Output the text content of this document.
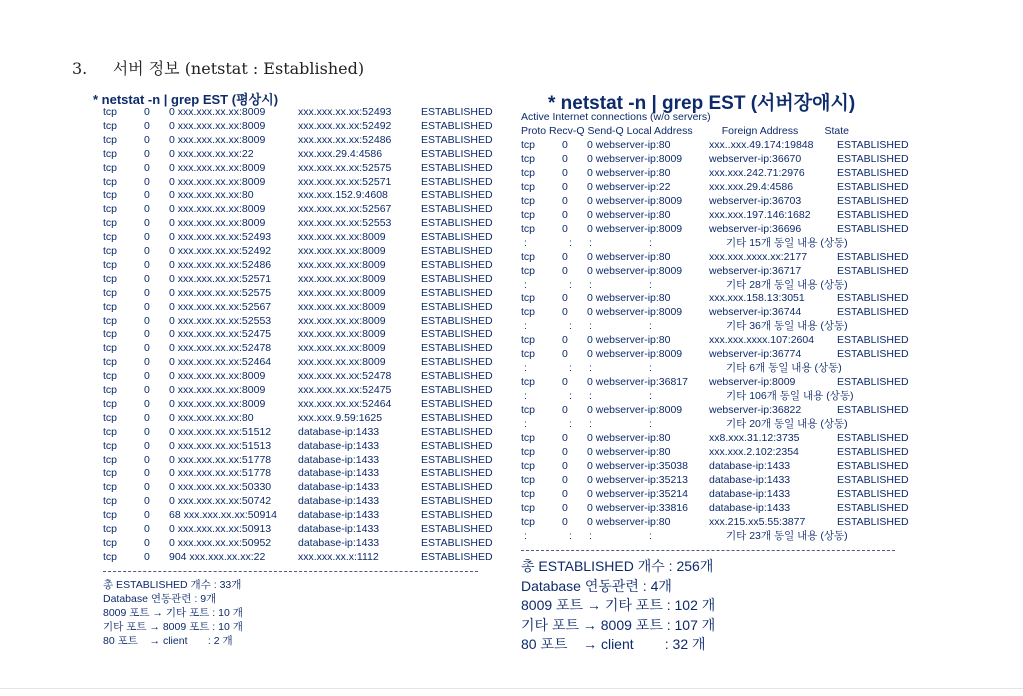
3.     서버 정보 (netstat : Established)
* netstat -n | grep EST (평상시)
tcp	0 0 xxx.xxx.xx.xx:8009	xxx.xxx.xx.xx:52493	ESTABLISHED
tcp	0 0 xxx.xxx.xx.xx:8009	xxx.xxx.xx.xx:52492	ESTABLISHED
tcp	0 0 xxx.xxx.xx.xx:8009	xxx.xxx.xx.xx:52486	ESTABLISHED
tcp	0 0 xxx.xxx.xx.xx:22	xxx.xxx.29.4:4586	ESTABLISHED
tcp	0 0 xxx.xxx.xx.xx:8009	xxx.xxx.xx.xx:52575	ESTABLISHED
tcp	0 0 xxx.xxx.xx.xx:8009	xxx.xxx.xx.xx:52571	ESTABLISHED
tcp	0 0 xxx.xxx.xx.xx:80	xxx.xxx.152.9:4608	ESTABLISHED
tcp	0 0 xxx.xxx.xx.xx:8009	xxx.xxx.xx.xx:52567	ESTABLISHED
tcp	0 0 xxx.xxx.xx.xx:8009	xxx.xxx.xx.xx:52553	ESTABLISHED
tcp	0 0 xxx.xxx.xx.xx:52493	xxx.xxx.xx.xx:8009	ESTABLISHED
tcp	0 0 xxx.xxx.xx.xx:52492	xxx.xxx.xx.xx:8009	ESTABLISHED
tcp	0 0 xxx.xxx.xx.xx:52486	xxx.xxx.xx.xx:8009	ESTABLISHED
tcp	0 0 xxx.xxx.xx.xx:52571	xxx.xxx.xx.xx:8009	ESTABLISHED
tcp	0 0 xxx.xxx.xx.xx:52575	xxx.xxx.xx.xx:8009	ESTABLISHED
tcp	0 0 xxx.xxx.xx.xx:52567	xxx.xxx.xx.xx:8009	ESTABLISHED
tcp	0 0 xxx.xxx.xx.xx:52553	xxx.xxx.xx.xx:8009	ESTABLISHED
tcp	0 0 xxx.xxx.xx.xx:52475	xxx.xxx.xx.xx:8009	ESTABLISHED
tcp	0 0 xxx.xxx.xx.xx:52478	xxx.xxx.xx.xx:8009	ESTABLISHED
tcp	0 0 xxx.xxx.xx.xx:52464	xxx.xxx.xx.xx:8009	ESTABLISHED
tcp	0 0 xxx.xxx.xx.xx:8009	xxx.xxx.xx.xx:52478	ESTABLISHED
tcp	0 0 xxx.xxx.xx.xx:8009	xxx.xxx.xx.xx:52475	ESTABLISHED
tcp	0 0 xxx.xxx.xx.xx:8009	xxx.xxx.xx.xx:52464	ESTABLISHED
tcp	0 0 xxx.xxx.xx.xx:80	xxx.xxx.9.59:1625	ESTABLISHED
tcp	0 0 xxx.xxx.xx.xx:51512	database-ip:1433	ESTABLISHED
tcp	0 0 xxx.xxx.xx.xx:51513	database-ip:1433	ESTABLISHED
tcp	0 0 xxx.xxx.xx.xx:51778	database-ip:1433	ESTABLISHED
tcp	0 0 xxx.xxx.xx.xx:51778	database-ip:1433	ESTABLISHED
tcp	0 0 xxx.xxx.xx.xx:50330	database-ip:1433	ESTABLISHED
tcp	0 0 xxx.xxx.xx.xx:50742	database-ip:1433	ESTABLISHED
tcp	0 68 xxx.xxx.xx.xx:50914 database-ip:1433	ESTABLISHED
tcp	0 0 xxx.xxx.xx.xx:50913	database-ip:1433	ESTABLISHED
tcp	0 0 xxx.xxx.xx.xx:50952	database-ip:1433	ESTABLISHED
tcp	0 904 xxx.xxx.xx.xx:22	xxx.xxx.xx.x:1112	ESTABLISHED
총 ESTABLISHED 개수 : 33개
Database 연동관련 : 9개
8009 포트 → 기타 포트 : 10 개
기타 포트 → 8009 포트 : 10 개
80 포트    → client       : 2 개
* netstat -n | grep EST (서버장애시)
Active Internet connections (w/o servers)
Proto Recv-Q Send-Q Local Address          Foreign Address         State
tcp	0 0 webserver-ip:80	xxx..xxx.49.174:19848 ESTABLISHED
tcp	0 0 webserver-ip:8009	webserver-ip:36670	ESTABLISHED
tcp	0 0 webserver-ip:80	xxx.xxx.242.71:2976	ESTABLISHED
tcp	0 0 webserver-ip:22	xxx.xxx.29.4:4586	ESTABLISHED
tcp	0 0 webserver-ip:8009	webserver-ip:36703	ESTABLISHED
tcp	0 0 webserver-ip:80	xxx.xxx.197.146:1682	ESTABLISHED
tcp	0 0 webserver-ip:8009	webserver-ip:36696	ESTABLISHED
:	: :	:	기타 15개 동일 내용 (상동)
tcp	0 0 webserver-ip:80	xxx.xxx.xxxx.xx:2177	ESTABLISHED
tcp	0 0 webserver-ip:8009	webserver-ip:36717	ESTABLISHED
:	: :	:	기타 28개 동일 내용 (상동)
tcp	0 0 webserver-ip:80	xxx.xxx.158.13:3051	ESTABLISHED
tcp	0 0 webserver-ip:8009	webserver-ip:36744	ESTABLISHED
:	: :	:	기타 36개 동일 내용 (상동)
tcp	0 0 webserver-ip:80	xxx.xxx.xxxx.107:2604 ESTABLISHED
tcp	0 0 webserver-ip:8009	webserver-ip:36774	ESTABLISHED
:	: :	:	기타 6개 동일 내용 (상동)
tcp	0 0 webserver-ip:36817 webserver-ip:8009	ESTABLISHED
:	: :	:	기타 106개 동일 내용 (상동)
tcp	0 0 webserver-ip:8009	webserver-ip:36822	ESTABLISHED
:	: :	:	기타 20개 동일 내용 (상동)
tcp	0 0 webserver-ip:80	xx8.xxx.31.12:3735	ESTABLISHED
tcp	0 0 webserver-ip:80	xxx.xxx.2.102:2354	ESTABLISHED
tcp	0 0 webserver-ip:35038 database-ip:1433	ESTABLISHED
tcp	0 0 webserver-ip:35213 database-ip:1433	ESTABLISHED
tcp	0 0 webserver-ip:35214 database-ip:1433	ESTABLISHED
tcp	0 0 webserver-ip:33816 database-ip:1433	ESTABLISHED
tcp	0 0 webserver-ip:80	xxx.215.xx5.55:3877	ESTABLISHED
:	: :	:	기타 23개 동일 내용 (상동)
총 ESTABLISHED 개수 : 256개
Database 연동관련 : 4개
8009 포트 → 기타 포트 : 102 개
기타 포트 → 8009 포트 : 107 개
80 포트    → client        : 32 개
